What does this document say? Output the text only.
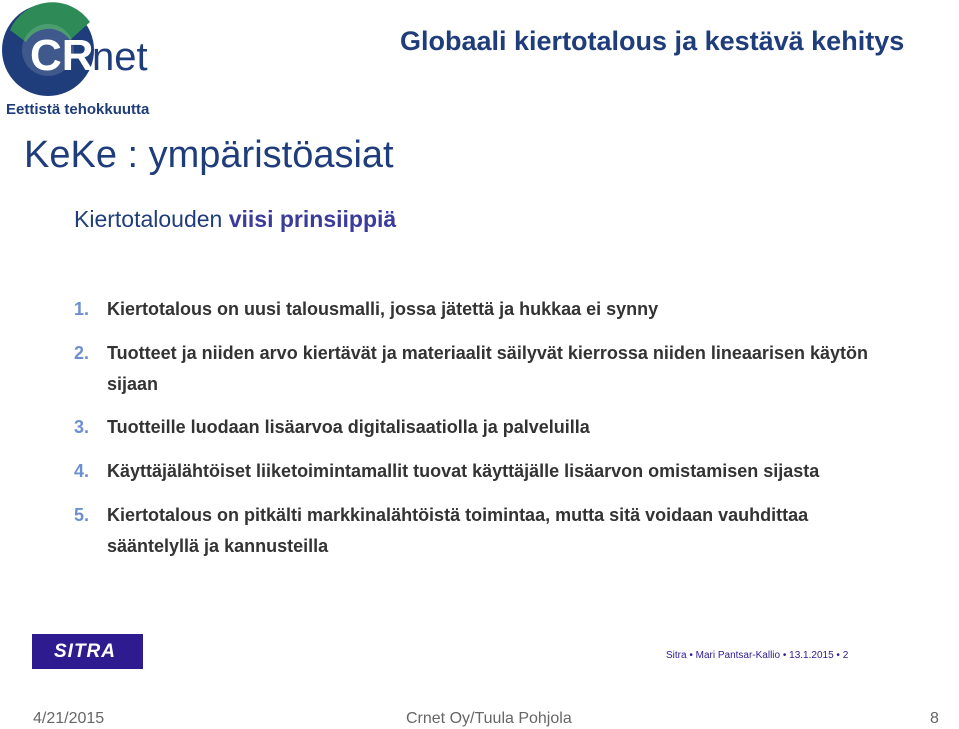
CR
net
Eettistä tehokkuutta
Globaali kiertotalous ja kestävä kehitys
KeKe : ympäristöasiat
Kiertotalouden viisi prinsiippiä
1. Kiertotalous on uusi talousmalli, jossa jätettä ja hukkaa ei synny
2. Tuotteet ja niiden arvo kiertävät ja materiaalit säilyvät kierrossa niiden lineaarisen käytön sijaan
3. Tuotteille luodaan lisäarvoa digitalisaatiolla ja palveluilla
4. Käyttäjälähtöiset liiketoimintamallit tuovat käyttäjälle lisäarvon omistamisen sijasta
5. Kiertotalous on pitkälti markkinalähtöistä toimintaa, mutta sitä voidaan vauhdittaa sääntelyllä ja kannusteilla
SITRA	Sitra • Mari Pantsar-Kallio • 13.1.2015 • 2
4/21/2015	Crnet Oy/Tuula Pohjola	8
